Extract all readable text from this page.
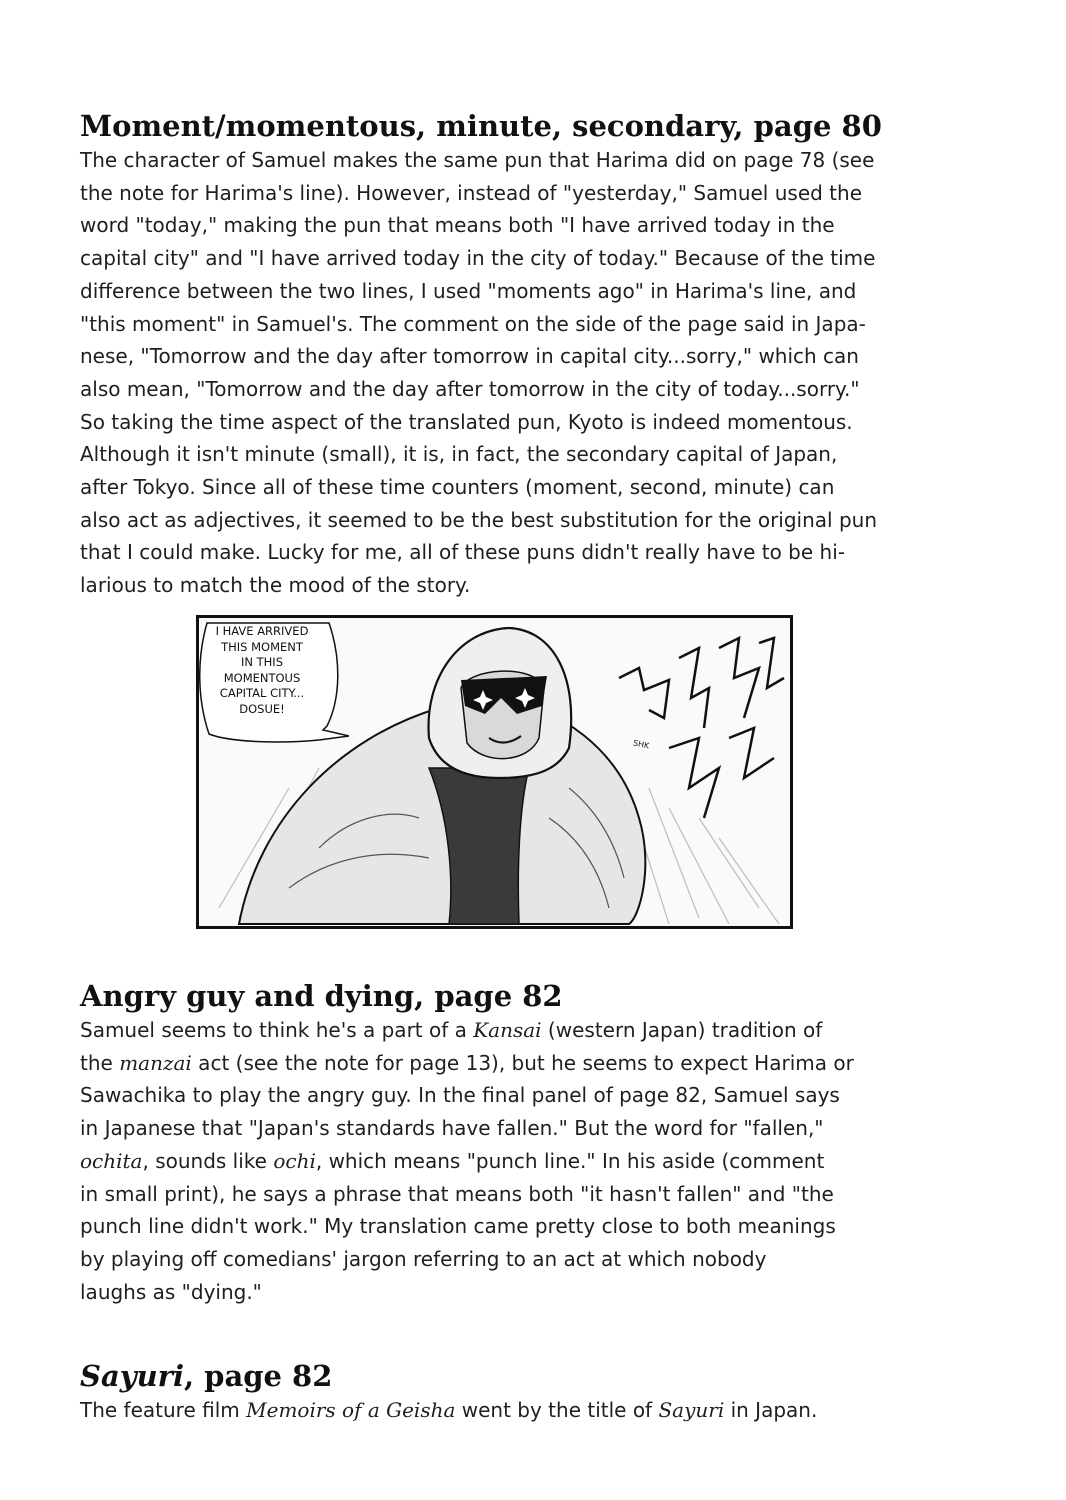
Moment/momentous, minute, secondary, page 80

The character of Samuel makes the same pun that Harima did on page 78 (see
the note for Harima's line). However, instead of "yesterday," Samuel used the
word "today," making the pun that means both "I have arrived today in the
capital city" and "I have arrived today in the city of today." Because of the time
difference between the two lines, I used "moments ago" in Harima's line, and
"this moment" in Samuel's. The comment on the side of the page said in Japa-
nese, "Tomorrow and the day after tomorrow in capital city...sorry," which can
also mean, "Tomorrow and the day after tomorrow in the city of today...sorry."
So taking the time aspect of the translated pun, Kyoto is indeed momentous.
Although it isn't minute (small), it is, in fact, the secondary capital of Japan,
after Tokyo. Since all of these time counters (moment, second, minute) can
also act as adjectives, it seemed to be the best substitution for the original pun
that I could make. Lucky for me, all of these puns didn't really have to be hi-
larious to match the mood of the story.

I HAVE ARRIVED
THIS MOMENT
IN THIS
MOMENTOUS
CAPITAL CITY...
DOSUE!
SHK
Angry guy and dying, page 82

Samuel seems to think he's a part of a Kansai (western Japan) tradition of
the manzai act (see the note for page 13), but he seems to expect Harima or
Sawachika to play the angry guy. In the final panel of page 82, Samuel says
in Japanese that "Japan's standards have fallen." But the word for "fallen,"
ochita, sounds like ochi, which means "punch line." In his aside (comment
in small print), he says a phrase that means both "it hasn't fallen" and "the
punch line didn't work." My translation came pretty close to both meanings
by playing off comedians' jargon referring to an act at which nobody
laughs as "dying."

Sayuri, page 82

The feature film Memoirs of a Geisha went by the title of Sayuri in Japan.
